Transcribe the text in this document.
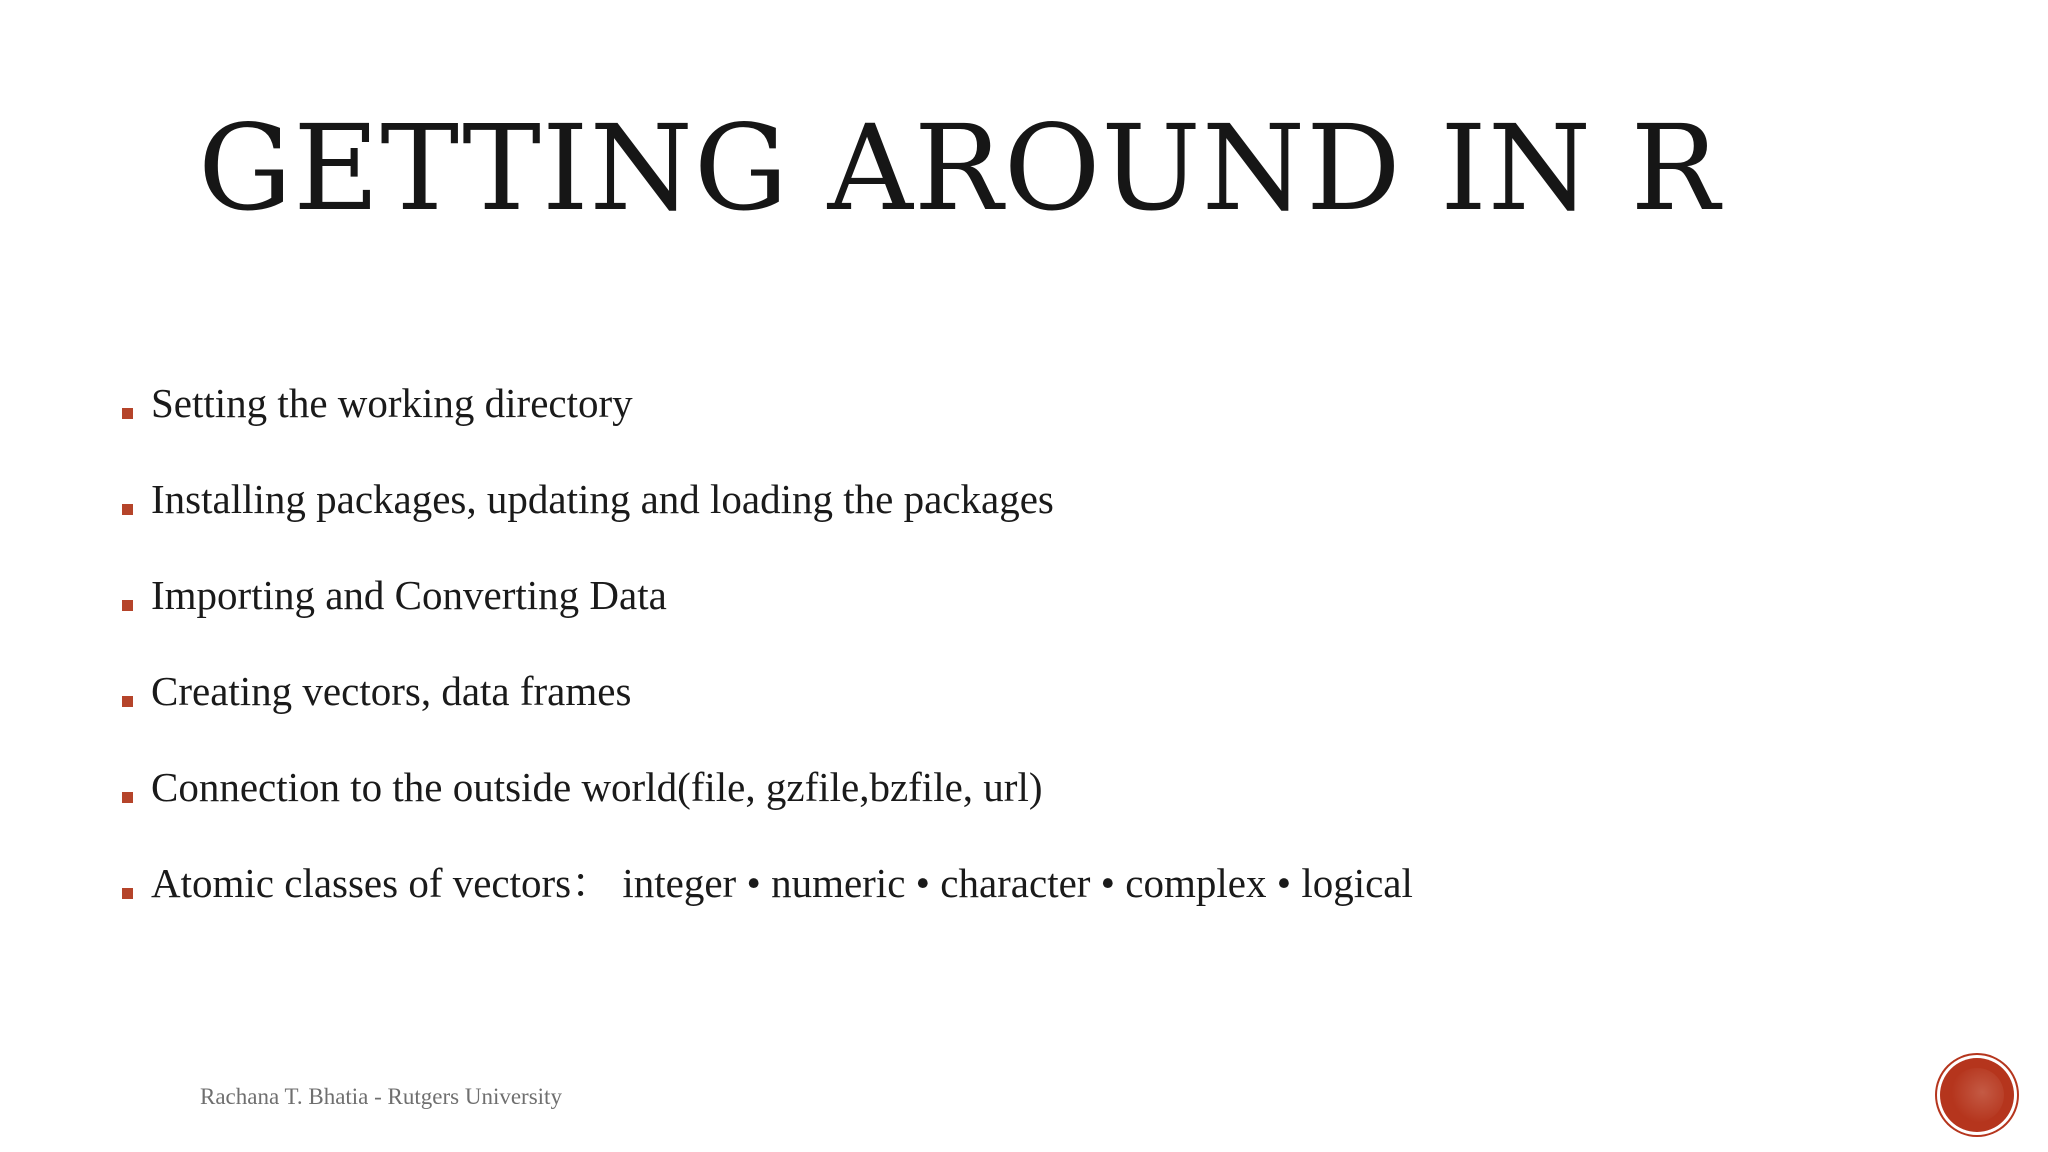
GETTING AROUND IN R
Setting the working directory
Installing packages, updating and loading the packages
Importing and Converting Data
Creating vectors, data frames
Connection to the outside world(file, gzfile,bzfile, url)
Atomic classes of vectors： integer • numeric • character • complex • logical
Rachana T. Bhatia - Rutgers University
